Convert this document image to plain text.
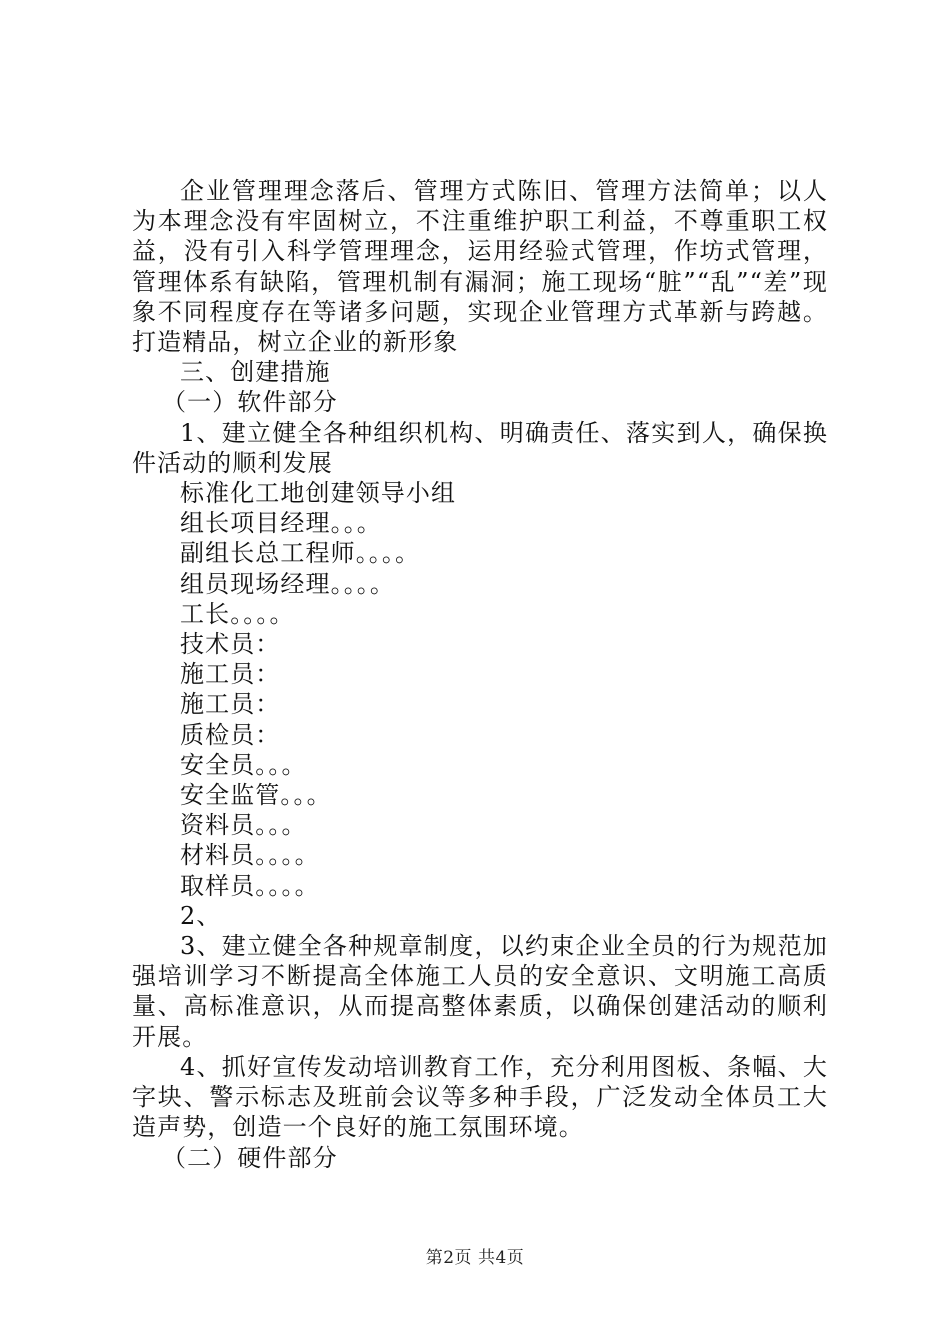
企业管理理念落后、管理方式陈旧、管理方法简单；以人为本理念没有牢固树立，不注重维护职工利益，不尊重职工权益，没有引入科学管理理念，运用经验式管理，作坊式管理，管理体系有缺陷，管理机制有漏洞；施工现场“脏”“乱”“差”现象不同程度存在等诸多问题，实现企业管理方式革新与跨越。打造精品，树立企业的新形象

三、创建措施

（一）软件部分

1、建立健全各种组织机构、明确责任、落实到人，确保换件活动的顺利发展

标准化工地创建领导小组

组长项目经理。。。

副组长总工程师。。。。

组员现场经理。。。。

工长。。。。

技术员：

施工员：

施工员：

质检员：

安全员。。。

安全监管。。。

资料员。。。

材料员。。。。

取样员。。。。

2、

3、建立健全各种规章制度，以约束企业全员的行为规范加强培训学习不断提高全体施工人员的安全意识、文明施工高质量、高标准意识，从而提高整体素质，以确保创建活动的顺利开展。

4、抓好宣传发动培训教育工作，充分利用图板、条幅、大字块、警示标志及班前会议等多种手段，广泛发动全体员工大造声势，创造一个良好的施工氛围环境。

（二）硬件部分

第2页 共4页
